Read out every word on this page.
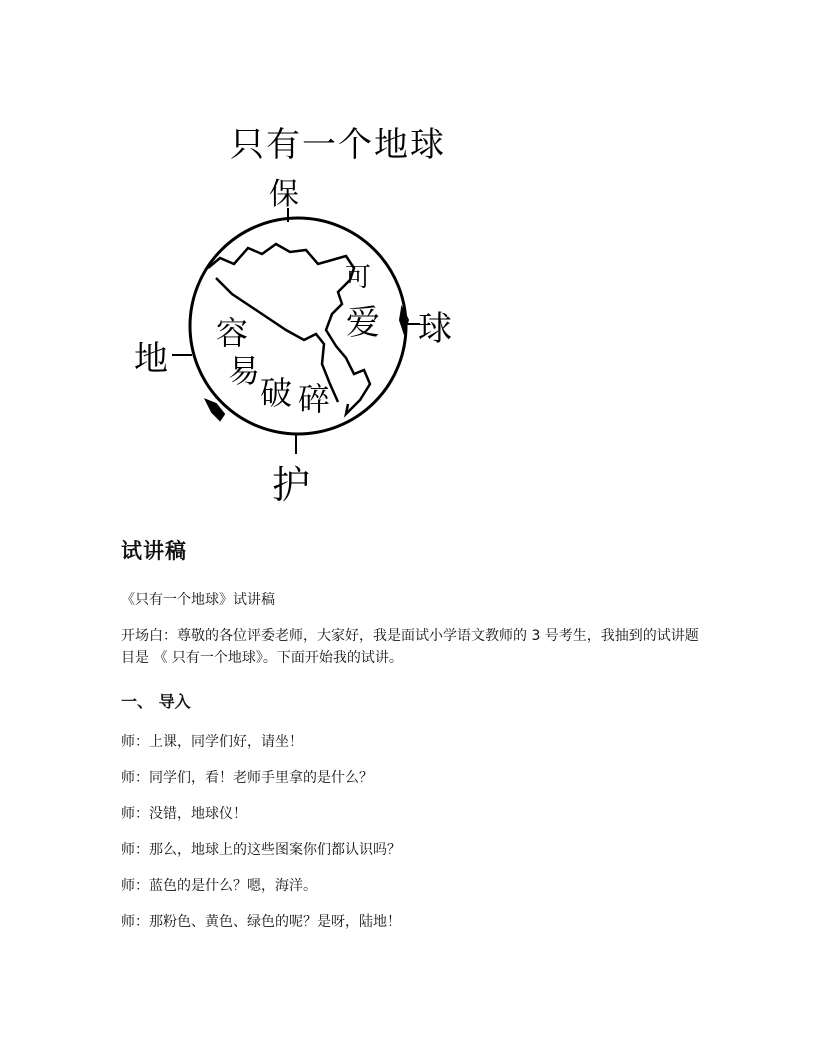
只有一个地球
保
可
爱
容
易
破 碎
地
球
护
试讲稿

《只有一个地球》试讲稿

开场白：尊敬的各位评委老师，大家好，我是面试小学语文教师的 3 号考生，我抽到的试讲题目是 《 只有一个地球》。下面开始我的试讲。

一、 导入

师：上课，同学们好，请坐！

师：同学们，看！老师手里拿的是什么？

师：没错，地球仪！

师：那么，地球上的这些图案你们都认识吗？

师：蓝色的是什么？嗯，海洋。

师：那粉色、黄色、绿色的呢？是呀，陆地！
